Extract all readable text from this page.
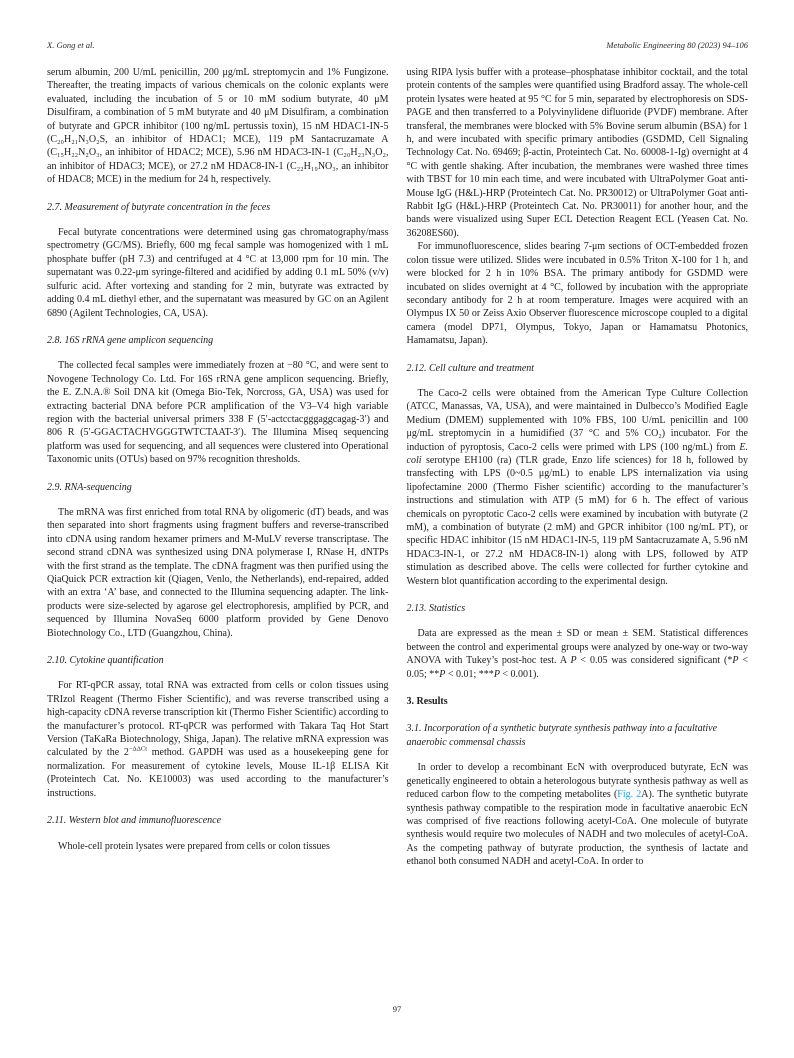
X. Gong et al.	Metabolic Engineering 80 (2023) 94–106

serum albumin, 200 U/mL penicillin, 200 μg/mL streptomycin and 1% Fungizone. Thereafter, the treating impacts of various chemicals on the colonic explants were evaluated, including the incubation of 5 or 10 mM sodium butyrate, 40 μM Disulfiram, a combination of 5 mM butyrate and 40 μM Disulfiram, a combination of butyrate and GPCR inhibitor (100 ng/mL pertussis toxin), 15 nM HDAC1-IN-5 (C₂₀H₂₁N₃O₂S, an inhibitor of HDAC1; MCE), 119 pM Santacruzamate A (C₁₅H₂₂N₂O₃, an inhibitor of HDAC2; MCE), 5.96 nM HDAC3-IN-1 (C₂₀H₂₃N₃O₂, an inhibitor of HDAC3; MCE), or 27.2 nM HDAC8-IN-1 (C₂₂H₁₉NO₃, an inhibitor of HDAC8; MCE) in the medium for 24 h, respectively.

2.7. Measurement of butyrate concentration in the feces

Fecal butyrate concentrations were determined using gas chromatography/mass spectrometry (GC/MS). Briefly, 600 mg fecal sample was homogenized with 1 mL phosphate buffer (pH 7.3) and centrifuged at 4 °C at 13,000 rpm for 10 min. The supernatant was 0.22-μm syringe-filtered and acidified by adding 0.1 mL 50% (v/v) sulfuric acid. After vortexing and standing for 2 min, butyrate was extracted by adding 0.4 mL diethyl ether, and the supernatant was measured by GC on an Agilent 6890 (Agilent Technologies, CA, USA).

2.8. 16S rRNA gene amplicon sequencing

The collected fecal samples were immediately frozen at −80 °C, and were sent to Novogene Technology Co. Ltd. For 16S rRNA gene amplicon sequencing. Briefly, the E. Z.N.A.® Soil DNA kit (Omega Bio-Tek, Norcross, GA, USA) was used for extracting bacterial DNA before PCR amplification of the V3–V4 high variable region with the bacterial universal primers 338 F (5′-actcctacgggaggcagag-3′) and 806 R (5′-GGACTACHVGGGTWTCTAAT-3′). The Illumina Miseq sequencing platform was used for sequencing, and all sequences were clustered into Operational Taxonomic units (OTUs) based on 97% recognition thresholds.

2.9. RNA-sequencing

The mRNA was first enriched from total RNA by oligomeric (dT) beads, and was then separated into short fragments using fragment buffers and reverse-transcribed into cDNA using random hexamer primers and M-MuLV reverse transcriptase. The second strand cDNA was synthesized using DNA polymerase I, RNase H, dNTPs with the first strand as the template. The cDNA fragment was then purified using the QiaQuick PCR extraction kit (Qiagen, Venlo, the Netherlands), end-repaired, added with an extra ‘A’ base, and connected to the Illumina sequencing adapter. The link-products were size-selected by agarose gel electrophoresis, amplified by PCR, and sequenced by Illumina NovaSeq 6000 platform provided by Gene Denovo Biotechnology Co., LTD (Guangzhou, China).

2.10. Cytokine quantification

For RT-qPCR assay, total RNA was extracted from cells or colon tissues using TRIzol Reagent (Thermo Fisher Scientific), and was reverse transcribed using a high-capacity cDNA reverse transcription kit (Thermo Fisher Scientific) according to the manufacturer’s protocol. RT-qPCR was performed with Takara Taq Hot Start Version (TaKaRa Biotechnology, Shiga, Japan). The relative mRNA expression was calculated by the $2^{-\Delta\Delta Ct}$ method. GAPDH was used as a housekeeping gene for normalization. For measurement of cytokine levels, Mouse IL-1β ELISA Kit (Proteintech Cat. No. KE10003) was used according to the manufacturer’s instructions.

2.11. Western blot and immunofluorescence

Whole-cell protein lysates were prepared from cells or colon tissues

using RIPA lysis buffer with a protease–phosphatase inhibitor cocktail, and the total protein contents of the samples were quantified using Bradford assay. The whole-cell protein lysates were heated at 95 °C for 5 min, separated by electrophoresis on SDS-PAGE and then transferred to a Polyvinylidene difluoride (PVDF) membrane. After transferal, the membranes were blocked with 5% Bovine serum albumin (BSA) for 1 h, and were incubated with specific primary antibodies (GSDMD, Cell Signaling Technology Cat. No. 69469; β-actin, Proteintech Cat. No. 60008-1-Ig) overnight at 4 °C with gentle shaking. After incubation, the membranes were washed three times with TBST for 10 min each time, and were incubated with UltraPolymer Goat anti-Mouse IgG (H&L)-HRP (Proteintech Cat. No. PR30012) or UltraPolymer Goat anti-Rabbit IgG (H&L)-HRP (Proteintech Cat. No. PR30011) for another hour, and the bands were visualized using Super ECL Detection Reagent ECL (Yeasen Cat. No. 36208ES60).

For immunofluorescence, slides bearing 7-μm sections of OCT-embedded frozen colon tissue were utilized. Slides were incubated in 0.5% Triton X-100 for 1 h, and were blocked for 2 h in 10% BSA. The primary antibody for GSDMD were incubated on slides overnight at 4 °C, followed by incubation with the appropriate secondary antibody for 2 h at room temperature. Images were acquired with an Olympus IX 50 or Zeiss Axio Observer fluorescence microscope coupled to a digital camera (model DP71, Olympus, Tokyo, Japan or Hamamatsu Photonics, Hamamatsu, Japan).

2.12. Cell culture and treatment

The Caco-2 cells were obtained from the American Type Culture Collection (ATCC, Manassas, VA, USA), and were maintained in Dulbecco’s Modified Eagle Medium (DMEM) supplemented with 10% FBS, 100 U/mL penicillin and 100 μg/mL streptomycin in a humidified (37 °C and 5% CO₂) incubator. For the induction of pyroptosis, Caco-2 cells were primed with LPS (100 ng/mL) from E. coli serotype EH100 (ra) (TLR grade, Enzo life sciences) for 18 h, followed by transfecting with LPS (0~0.5 μg/mL) to enable LPS internalization via using lipofectamine 2000 (Thermo Fisher scientific) according to the manufacturer’s instructions and stimulation with ATP (5 mM) for 6 h. The effect of various chemicals on pyroptotic Caco-2 cells were examined by incubation with butyrate (2 mM), a combination of butyrate (2 mM) and GPCR inhibitor (100 ng/mL PT), or specific HDAC inhibitor (15 nM HDAC1-IN-5, 119 pM Santacruzamate A, 5.96 nM HDAC3-IN-1, or 27.2 nM HDAC8-IN-1) along with LPS, followed by ATP stimulation as described above. The cells were collected for further cytokine and Western blot quantification according to the experimental design.

2.13. Statistics

Data are expressed as the mean ± SD or mean ± SEM. Statistical differences between the control and experimental groups were analyzed by one-way or two-way ANOVA with Tukey’s post-hoc test. A P < 0.05 was considered significant (*P < 0.05; **P < 0.01; ***P < 0.001).

3. Results
3.1. Incorporation of a synthetic butyrate synthesis pathway into a facultative anaerobic commensal chassis

In order to develop a recombinant EcN with overproduced butyrate, EcN was genetically engineered to obtain a heterologous butyrate synthesis pathway as well as reduced carbon flow to the competing metabolites (Fig. 2A). The synthetic butyrate synthesis pathway compatible to the respiration mode in facultative anaerobic EcN was comprised of five reactions following acetyl-CoA. One molecule of butyrate synthesis would require two molecules of NADH and two molecules of acetyl-CoA. As the competing pathway of butyrate production, the synthesis of lactate and ethanol both consumed NADH and acetyl-CoA. In order to

97
